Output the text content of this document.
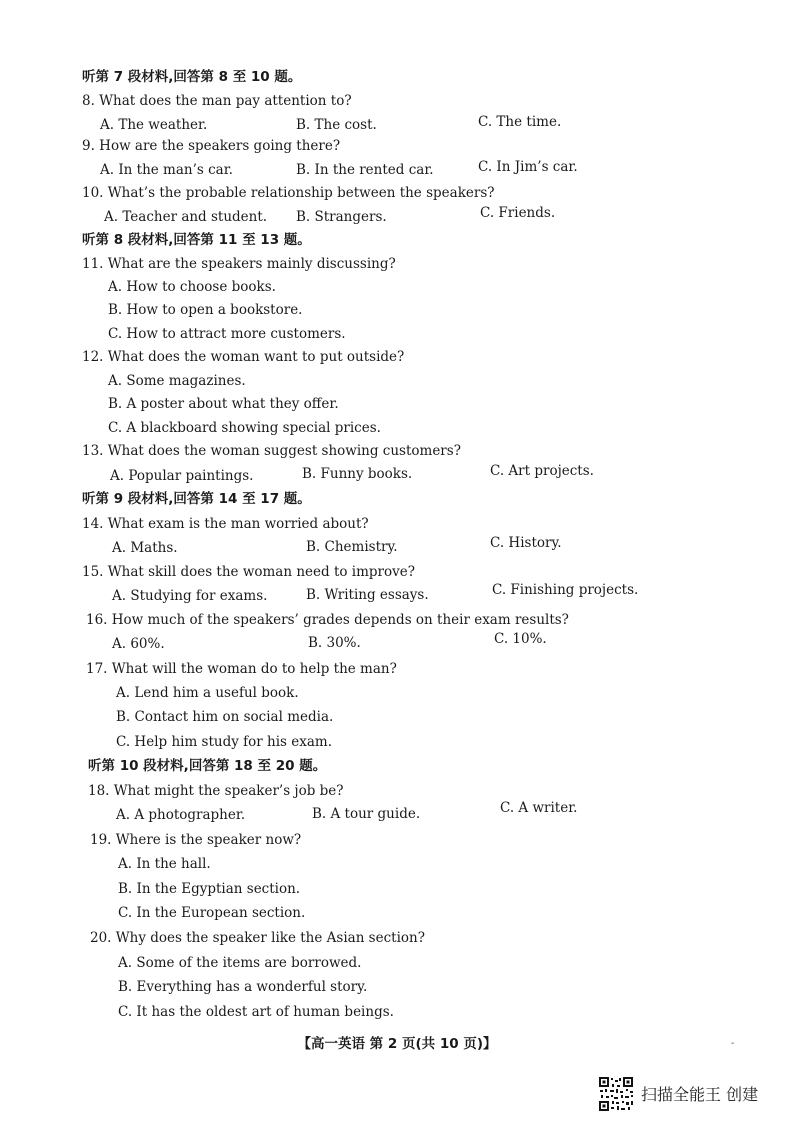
听第 7 段材料,回答第 8 至 10 题。
8. What does the man pay attention to?
A. The weather.	B. The cost.	C. The time.
9. How are the speakers going there?
A. In the man’s car.	B. In the rented car.	C. In Jim’s car.
10. What’s the probable relationship between the speakers?
A. Teacher and student. B. Strangers.	C. Friends.
听第 8 段材料,回答第 11 至 13 题。
11. What are the speakers mainly discussing?
A. How to choose books.
B. How to open a bookstore.
C. How to attract more customers.
12. What does the woman want to put outside?
A. Some magazines.
B. A poster about what they offer.
C. A blackboard showing special prices.
13. What does the woman suggest showing customers?
A. Popular paintings.	B. Funny books.	C. Art projects.
听第 9 段材料,回答第 14 至 17 题。
14. What exam is the man worried about?
A. Maths.	B. Chemistry.	C. History.
15. What skill does the woman need to improve?
A. Studying for exams.	B. Writing essays.	C. Finishing projects.
16. How much of the speakers’ grades depends on their exam results?
A. 60%.	B. 30%.	C. 10%.
17. What will the woman do to help the man?
A. Lend him a useful book.
B. Contact him on social media.
C. Help him study for his exam.
听第 10 段材料,回答第 18 至 20 题。
18. What might the speaker’s job be?
A. A photographer.	B. A tour guide.	C. A writer.
19. Where is the speaker now?
A. In the hall.
B. In the Egyptian section.
C. In the European section.
20. Why does the speaker like the Asian section?
A. Some of the items are borrowed.
B. Everything has a wonderful story.
C. It has the oldest art of human beings.
【高一英语 第 2 页(共 10 页)】	-
扫描全能王 创建
